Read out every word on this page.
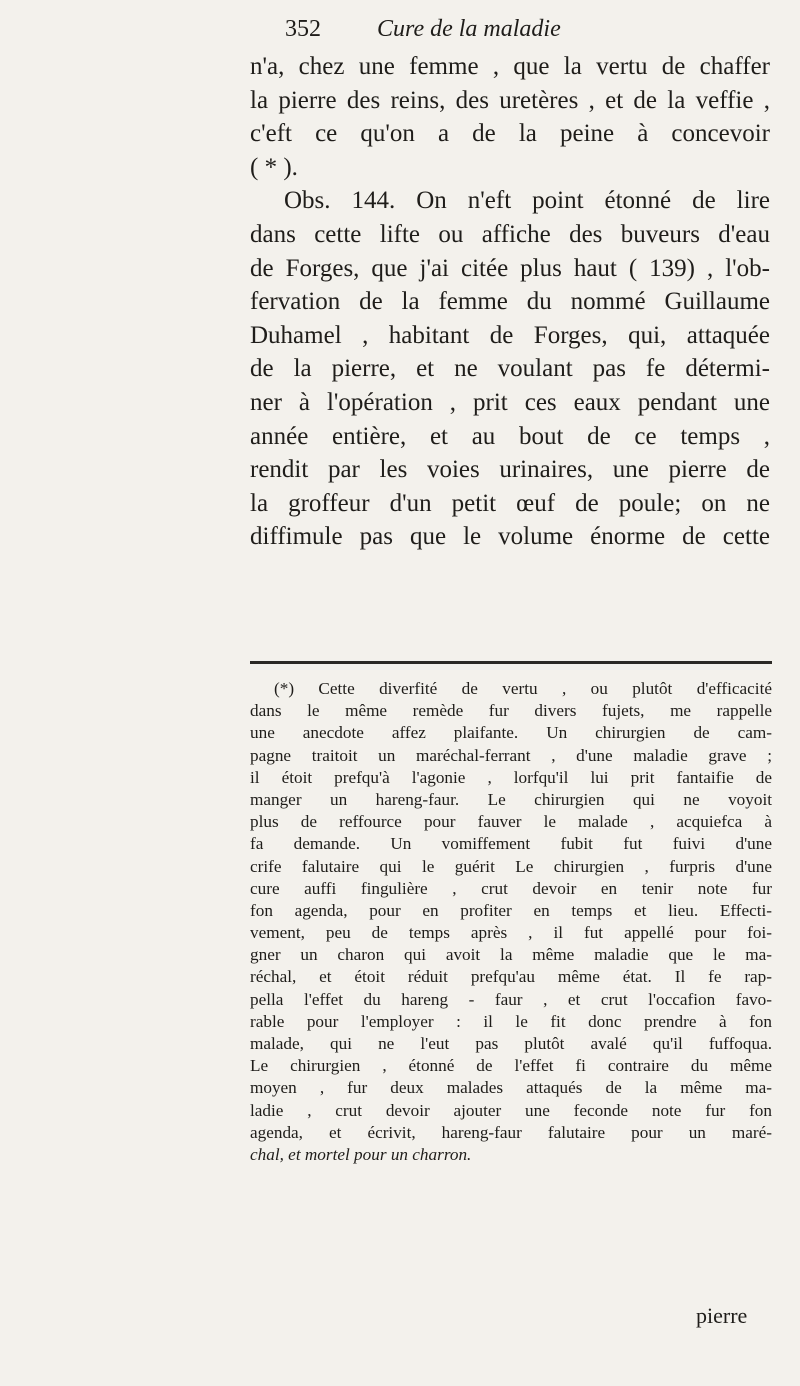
352 Cure de la maladie
n'a, chez une femme , que la vertu de chaffer
la pierre des reins, des uretères , et de la veffie ,
c'eft ce qu'on a de la peine à concevoir
( * ).
Obs. 144. On n'eft point étonné de lire
dans cette lifte ou affiche des buveurs d'eau
de Forges, que j'ai citée plus haut ( 139) , l'ob-
fervation de la femme du nommé Guillaume
Duhamel , habitant de Forges, qui, attaquée
de la pierre, et ne voulant pas fe détermi-
ner à l'opération , prit ces eaux pendant une
année entière, et au bout de ce temps ,
rendit par les voies urinaires, une pierre de
la groffeur d'un petit œuf de poule; on ne
diffimule pas que le volume énorme de cette
(*) Cette diverfité de vertu , ou plutôt d'efficacité
dans le même remède fur divers fujets, me rappelle
une anecdote affez plaifante. Un chirurgien de cam-
pagne traitoit un maréchal-ferrant , d'une maladie grave ;
il étoit prefqu'à l'agonie , lorfqu'il lui prit fantaifie de
manger un hareng-faur. Le chirurgien qui ne voyoit
plus de reffource pour fauver le malade , acquiefca à
fa demande. Un vomiffement fubit fut fuivi d'une
crife falutaire qui le guérit Le chirurgien , furpris d'une
cure auffi fingulière , crut devoir en tenir note fur
fon agenda, pour en profiter en temps et lieu. Effecti-
vement, peu de temps après , il fut appellé pour foi-
gner un charon qui avoit la même maladie que le ma-
réchal, et étoit réduit prefqu'au même état. Il fe rap-
pella l'effet du hareng - faur , et crut l'occafion favo-
rable pour l'employer : il le fit donc prendre à fon
malade, qui ne l'eut pas plutôt avalé qu'il fuffoqua.
Le chirurgien , étonné de l'effet fi contraire du même
moyen , fur deux malades attaqués de la même ma-
ladie , crut devoir ajouter une feconde note fur fon
agenda, et écrivit, hareng-faur falutaire pour un maré-
chal, et mortel pour un charron.
pierre
